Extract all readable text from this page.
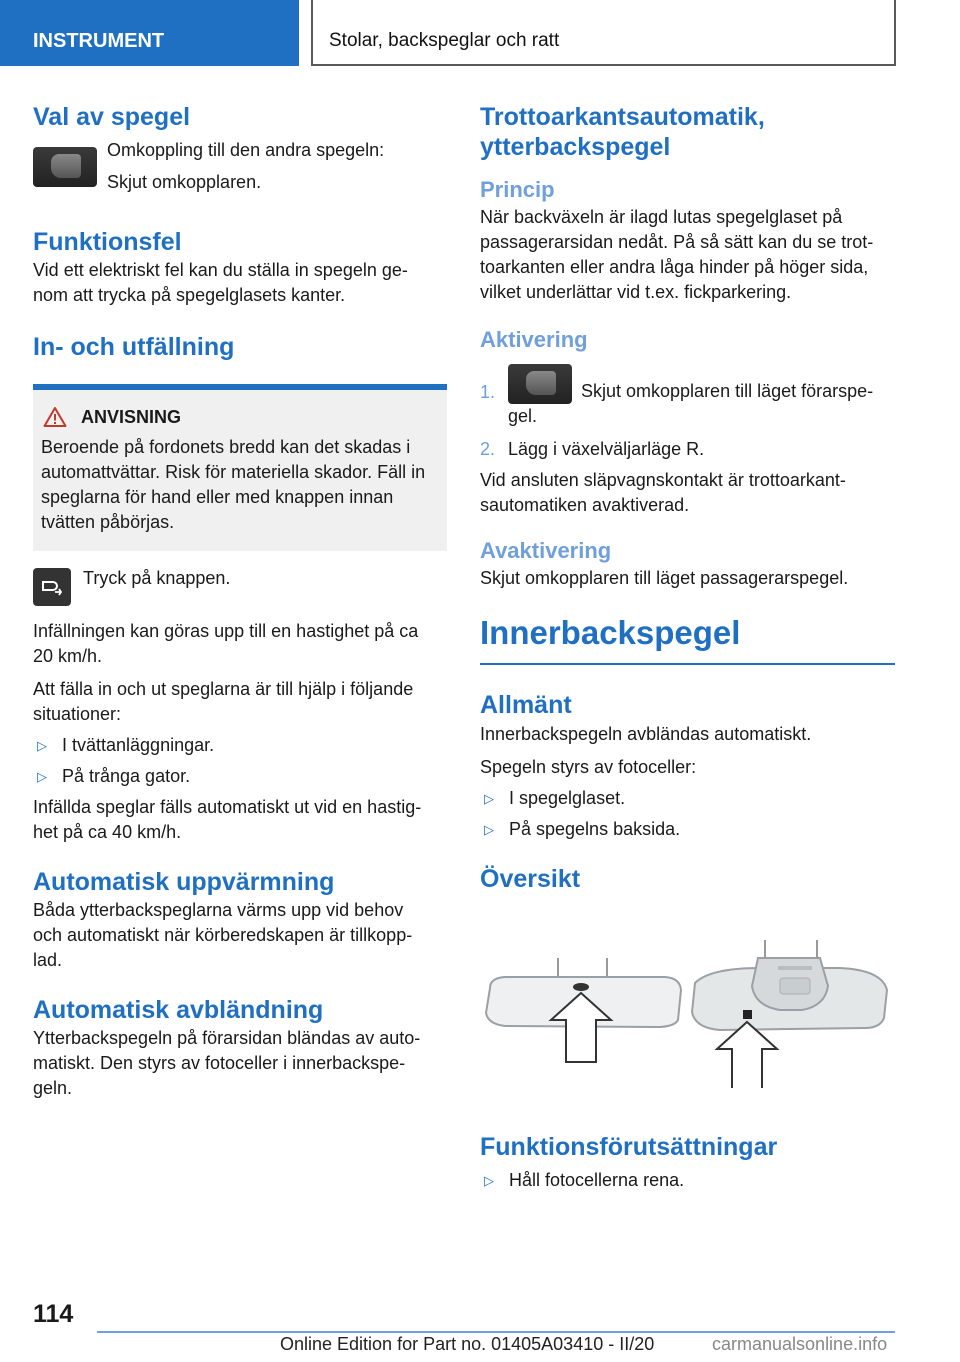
INSTRUMENT	Stolar, backspeglar och ratt
Val av spegel
Omkoppling till den andra spegeln:
Skjut omkopplaren.
Funktionsfel
Vid ett elektriskt fel kan du ställa in spegeln ge-
nom att trycka på spegelglasets kanter.
In- och utfällning
ANVISNING
Beroende på fordonets bredd kan det skadas i
automattvättar. Risk för materiella skador. Fäll in
speglarna för hand eller med knappen innan
tvätten påbörjas.
Tryck på knappen.
Infällningen kan göras upp till en hastighet på ca
20 km/h.
Att fälla in och ut speglarna är till hjälp i följande
situationer:
▷ I tvättanläggningar.
▷ På trånga gator.
Infällda speglar fälls automatiskt ut vid en hastig-
het på ca 40 km/h.
Automatisk uppvärmning
Båda ytterbackspeglarna värms upp vid behov
och automatiskt när körberedskapen är tillkopp-
lad.
Automatisk avbländning
Ytterbackspegeln på förarsidan bländas av auto-
matiskt. Den styrs av fotoceller i innerbackspe-
geln.
Trottoarkantsautomatik,
ytterbackspegel
Princip
När backväxeln är ilagd lutas spegelglaset på
passagerarsidan nedåt. På så sätt kan du se trot-
toarkanten eller andra låga hinder på höger sida,
vilket underlättar vid t.ex. fickparkering.
Aktivering
1.	Skjut omkopplaren till läget förarspe-
gel.
2. Lägg i växelväljarläge R.
Vid ansluten släpvagnskontakt är trottoarkant-
sautomatiken avaktiverad.
Avaktivering
Skjut omkopplaren till läget passagerarspegel.
Innerbackspegel
Allmänt
Innerbackspegeln avbländas automatiskt.
Spegeln styrs av fotoceller:
▷ I spegelglaset.
▷ På spegelns baksida.
Översikt
Funktionsförutsättningar
▷ Håll fotocellerna rena.
114
Online Edition for Part no. 01405A03410 - II/20	carmanualsonline.info
